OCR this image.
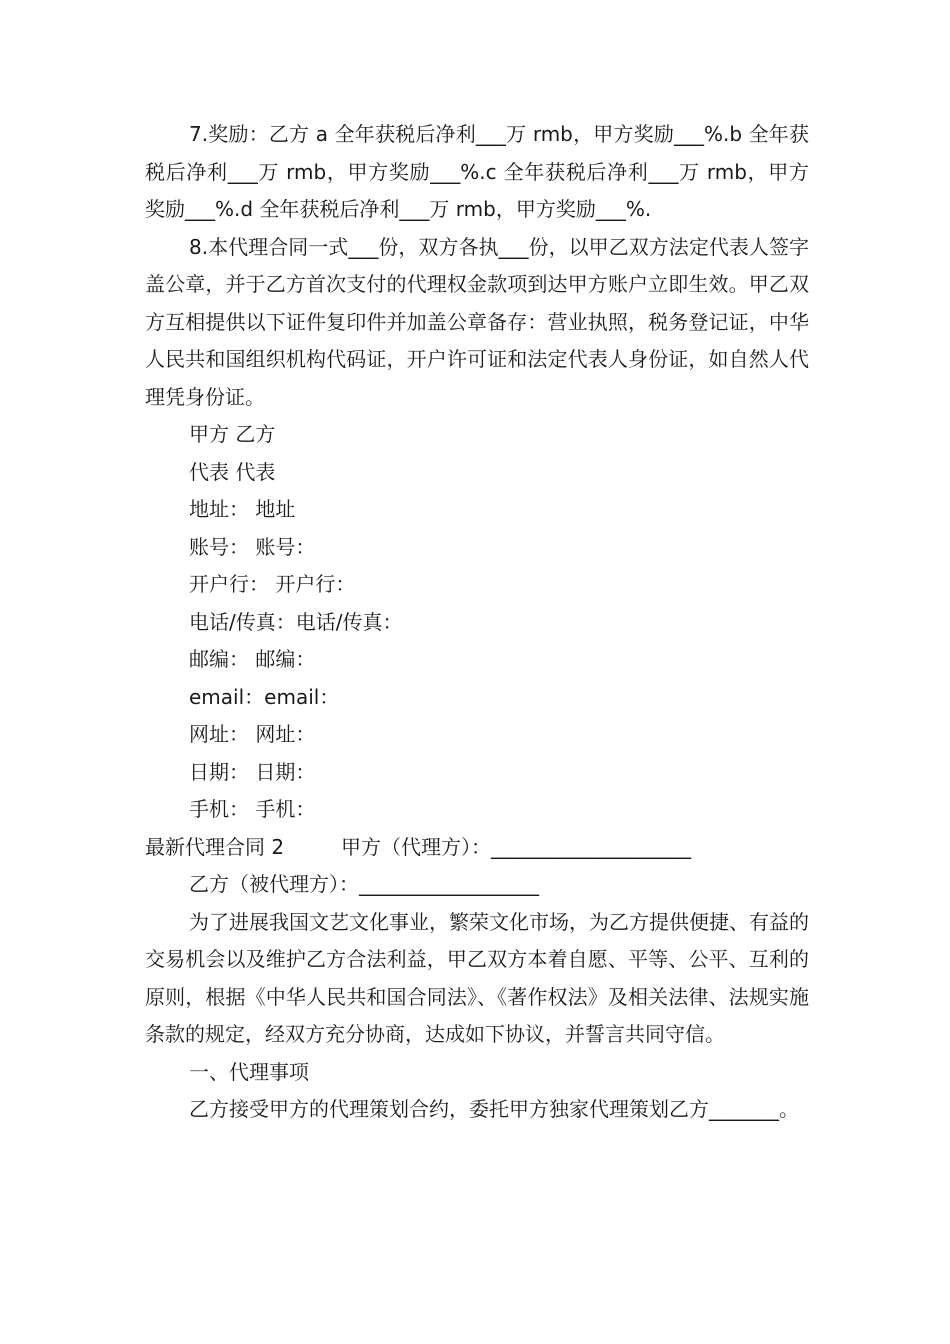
7.奖励：乙方 a 全年获税后净利___万 rmb，甲方奖励___%.b 全年获税后净利___万 rmb，甲方奖励___%.c 全年获税后净利___万 rmb，甲方奖励___%.d 全年获税后净利___万 rmb，甲方奖励___%.

8.本代理合同一式___份，双方各执___份，以甲乙双方法定代表人签字盖公章，并于乙方首次支付的代理权金款项到达甲方账户立即生效。甲乙双方互相提供以下证件复印件并加盖公章备存：营业执照，税务登记证，中华人民共和国组织机构代码证，开户许可证和法定代表人身份证，如自然人代理凭身份证。

甲方 乙方

代表 代表

地址： 地址

账号： 账号：

开户行： 开户行：

电话/传真：电话/传真：

邮编： 邮编：

email：email：

网址： 网址：

日期： 日期：

手机： 手机：

最新代理合同 2	甲方（代理方）：____________________

乙方（被代理方）：__________________

为了进展我国文艺文化事业，繁荣文化市场，为乙方提供便捷、有益的交易机会以及维护乙方合法利益，甲乙双方本着自愿、平等、公平、互利的原则，根据《中华人民共和国合同法》、《著作权法》及相关法律、法规实施条款的规定，经双方充分协商，达成如下协议，并誓言共同守信。

一、代理事项

乙方接受甲方的代理策划合约，委托甲方独家代理策划乙方_______。
